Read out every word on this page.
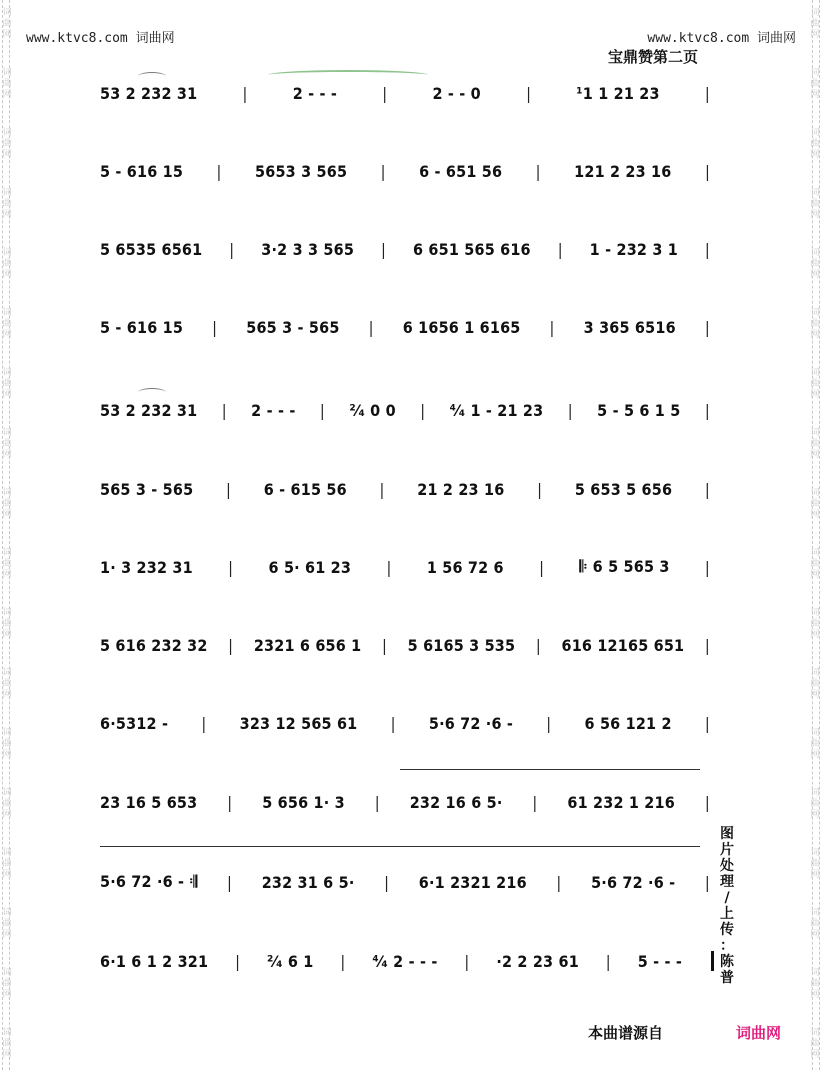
词
曲
网
词
曲
网
词
曲
网
词
曲
网
词
曲
网
词
曲
网
词
曲
网
词
曲
网
词
曲
网
词
曲
网
词
曲
网
词
曲
网
词
曲
网
词
曲
网
词
曲
网
词
曲
网
词
曲
网
词
曲
网
词
曲
网
词
曲
网
词
曲
网
词
曲
网
词
曲
网
词
曲
网
词
曲
网
词
曲
网
词
曲
网
词
曲
网
词
曲
网
词
曲
网
词
曲
网
词
曲
网
词
曲
网
词
曲
网
词
曲
网
词
曲
网
www.ktvc8.com 词曲网	www.ktvc8.com 词曲网
宝鼎赞第二页
53 2 232 31	|	2 - - -	|	2 - - 0	|	¹1 1 21 23	|
5 - 616 15 | 5653 3 565 | 6 - 651 56 | 121 2 23 16 |
5 6535 6561 | 3·2 3 3 565 | 6 651 565 616 | 1 - 232 3 1 |
5 - 616 15 | 565 3 - 565 | 6 1656 1 6165 | 3 365 6516 |
53 2 232 31 | 2 - - - | ²⁄₄ 0 0 | ⁴⁄₄ 1 - 21 23 | 5 - 5 6 1 5 |
565 3 - 565 | 6 - 615 56 | 21 2 23 16 | 5 653 5 656 |
1· 3 232 31 | 6 5· 61 23 | 1 56 72 6 | 𝄆 6 5 565 3 |
5 616 232 32 | 2321 6 656 1 | 5 6165 3 535 | 616 12165 651 |
6·5312 - | 323 12 565 61 | 5·6 72 ·6 - | 6 56 121 2 |
23 16 5 653 | 5 656 1· 3 | 232 16 6 5· | 61 232 1 216 |
5·6 72 ·6 - 𝄇 | 232 31 6 5· | 6·1 2321 216 | 5·6 72 ·6 - |
6·1 6 1 2 321 | ²⁄₄ 6 1 | ⁴⁄₄ 2 - - - | ·2 2 23 61 | 5 - - -
图
片
处
理
/
上
传
：
陈
普
本曲谱源自	词曲网
